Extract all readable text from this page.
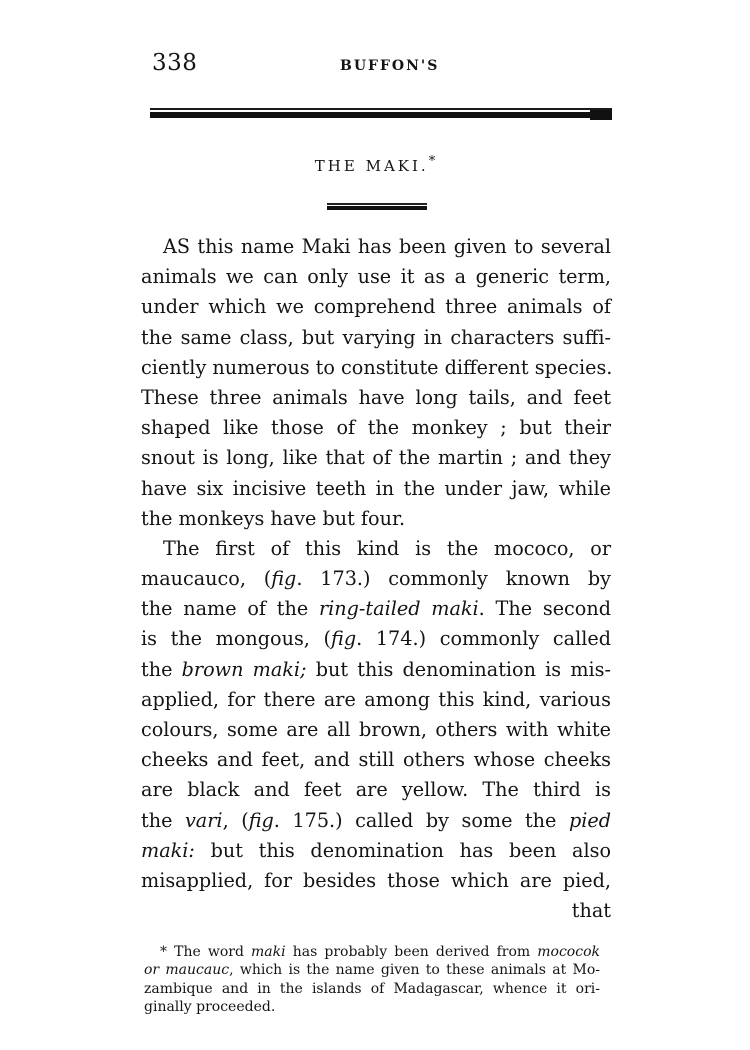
338	BUFFON'S
THE MAKI.*
AS this name Maki has been given to several
animals we can only use it as a generic term,
under which we comprehend three animals of
the same class, but varying in characters suffi-
ciently numerous to constitute different species.
These three animals have long tails, and feet
shaped like those of the monkey ; but their
snout is long, like that of the martin ; and they
have six incisive teeth in the under jaw, while
the monkeys have but four.
The first of this kind is the mococo, or
maucauco, (fig. 173.) commonly known by
the name of the ring-tailed maki. The second
is the mongous, (fig. 174.) commonly called
the brown maki; but this denomination is mis-
applied, for there are among this kind, various
colours, some are all brown, others with white
cheeks and feet, and still others whose cheeks
are black and feet are yellow. The third is
the vari, (fig. 175.) called by some the pied
maki: but this denomination has been also
misapplied, for besides those which are pied,
that
* The word maki has probably been derived from mococok
or maucauc, which is the name given to these animals at Mo-
zambique and in the islands of Madagascar, whence it ori-
ginally proceeded.
